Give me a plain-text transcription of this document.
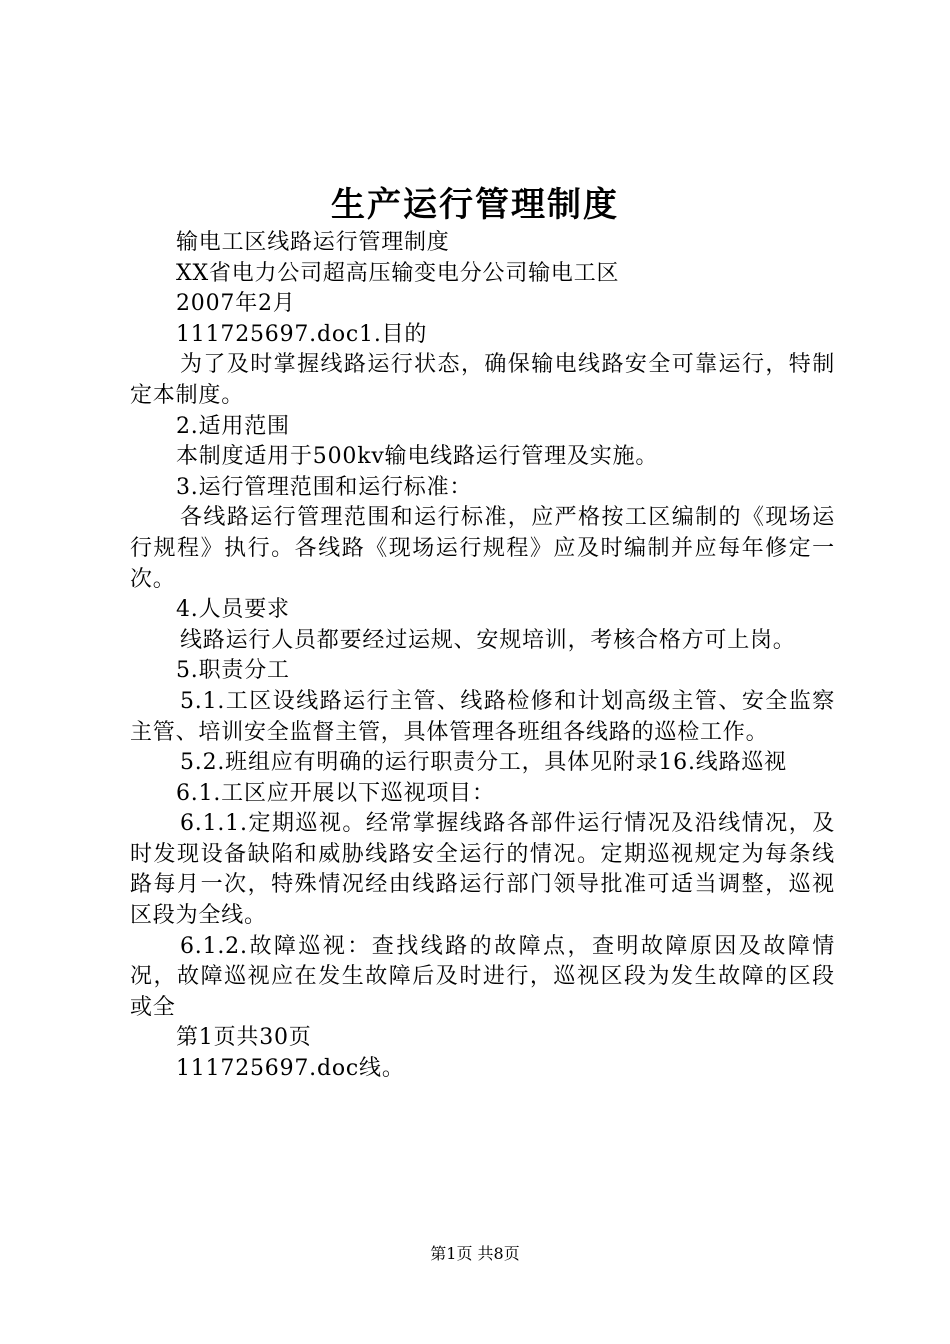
生产运行管理制度

输电工区线路运行管理制度

XX省电力公司超高压输变电分公司输电工区

2007年2月

111725697.doc1.目的

为了及时掌握线路运行状态，确保输电线路安全可靠运行，特制定本制度。

2.适用范围

本制度适用于500kv输电线路运行管理及实施。

3.运行管理范围和运行标准：

各线路运行管理范围和运行标准，应严格按工区编制的《现场运行规程》执行。各线路《现场运行规程》应及时编制并应每年修定一次。

4.人员要求

线路运行人员都要经过运规、安规培训，考核合格方可上岗。

5.职责分工

5.1.工区设线路运行主管、线路检修和计划高级主管、安全监察主管、培训安全监督主管，具体管理各班组各线路的巡检工作。

5.2.班组应有明确的运行职责分工，具体见附录16.线路巡视

6.1.工区应开展以下巡视项目：

6.1.1.定期巡视。经常掌握线路各部件运行情况及沿线情况，及时发现设备缺陷和威胁线路安全运行的情况。定期巡视规定为每条线路每月一次，特殊情况经由线路运行部门领导批准可适当调整，巡视区段为全线。

6.1.2.故障巡视：查找线路的故障点，查明故障原因及故障情况，故障巡视应在发生故障后及时进行，巡视区段为发生故障的区段或全

第1页共30页

111725697.doc线。

第1页 共8页
